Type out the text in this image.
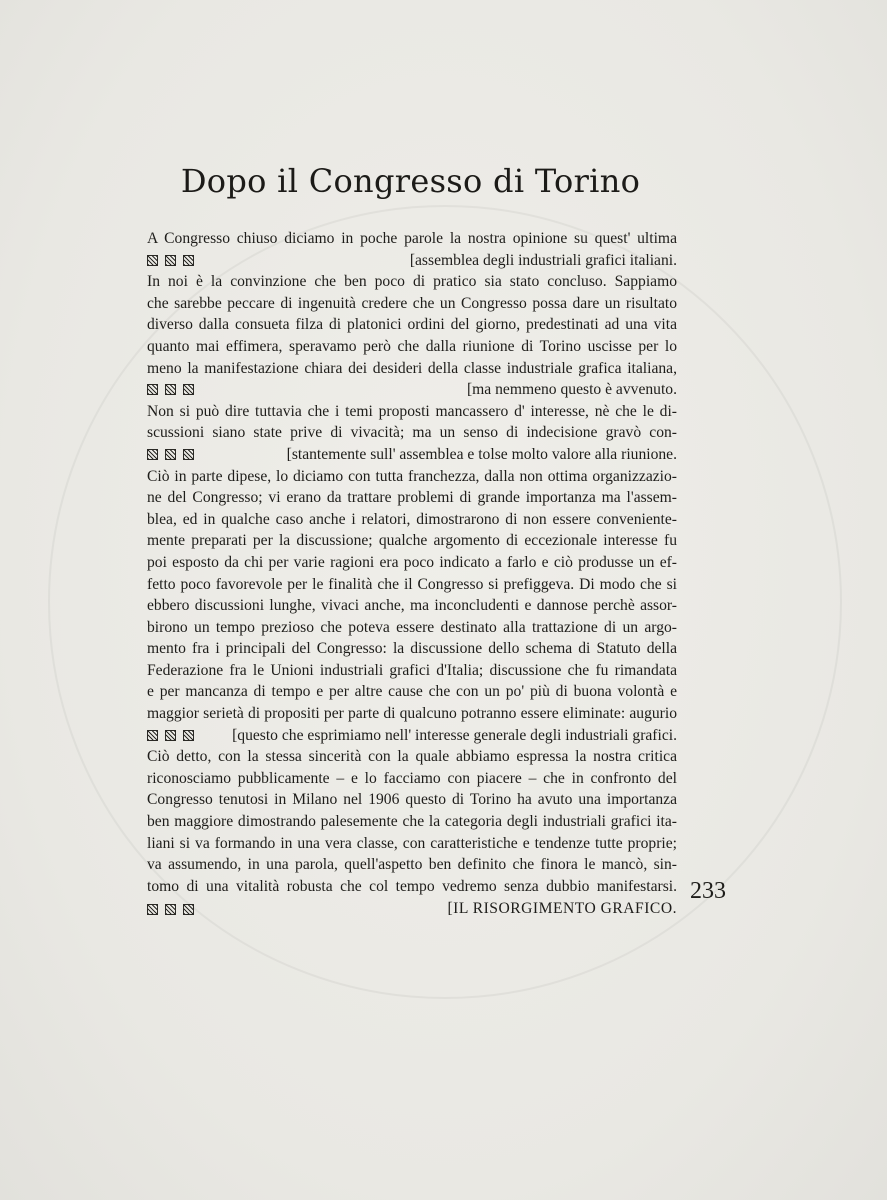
Dopo il Congresso di Torino
A Congresso chiuso diciamo in poche parole la nostra opinione su quest' ultima
[assemblea degli industriali grafici italiani.
In noi è la convinzione che ben poco di pratico sia stato concluso. Sappiamo
che sarebbe peccare di ingenuità credere che un Congresso possa dare un risultato
diverso dalla consueta filza di platonici ordini del giorno, predestinati ad una vita
quanto mai effimera, speravamo però che dalla riunione di Torino uscisse per lo
meno la manifestazione chiara dei desideri della classe industriale grafica italiana,
[ma nemmeno questo è avvenuto.
Non si può dire tuttavia che i temi proposti mancassero d' interesse, nè che le di-
scussioni siano state prive di vivacità; ma un senso di indecisione gravò con-
[stantemente sull' assemblea e tolse molto valore alla riunione.
Ciò in parte dipese, lo diciamo con tutta franchezza, dalla non ottima organizzazio-
ne del Congresso; vi erano da trattare problemi di grande importanza ma l'assem-
blea, ed in qualche caso anche i relatori, dimostrarono di non essere conveniente-
mente preparati per la discussione; qualche argomento di eccezionale interesse fu
poi esposto da chi per varie ragioni era poco indicato a farlo e ciò produsse un ef-
fetto poco favorevole per le finalità che il Congresso si prefiggeva. Di modo che si
ebbero discussioni lunghe, vivaci anche, ma inconcludenti e dannose perchè assor-
birono un tempo prezioso che poteva essere destinato alla trattazione di un argo-
mento fra i principali del Congresso: la discussione dello schema di Statuto della
Federazione fra le Unioni industriali grafici d'Italia; discussione che fu rimandata
e per mancanza di tempo e per altre cause che con un po' più di buona volontà e
maggior serietà di propositi per parte di qualcuno potranno essere eliminate: augurio
[questo che esprimiamo nell' interesse generale degli industriali grafici.
Ciò detto, con la stessa sincerità con la quale abbiamo espressa la nostra critica
riconosciamo pubblicamente – e lo facciamo con piacere – che in confronto del
Congresso tenutosi in Milano nel 1906 questo di Torino ha avuto una importanza
ben maggiore dimostrando palesemente che la categoria degli industriali grafici ita-
liani si va formando in una vera classe, con caratteristiche e tendenze tutte proprie;
va assumendo, in una parola, quell'aspetto ben definito che finora le mancò, sin-
tomo di una vitalità robusta che col tempo vedremo senza dubbio manifestarsi.
[IL RISORGIMENTO GRAFICO.
233
